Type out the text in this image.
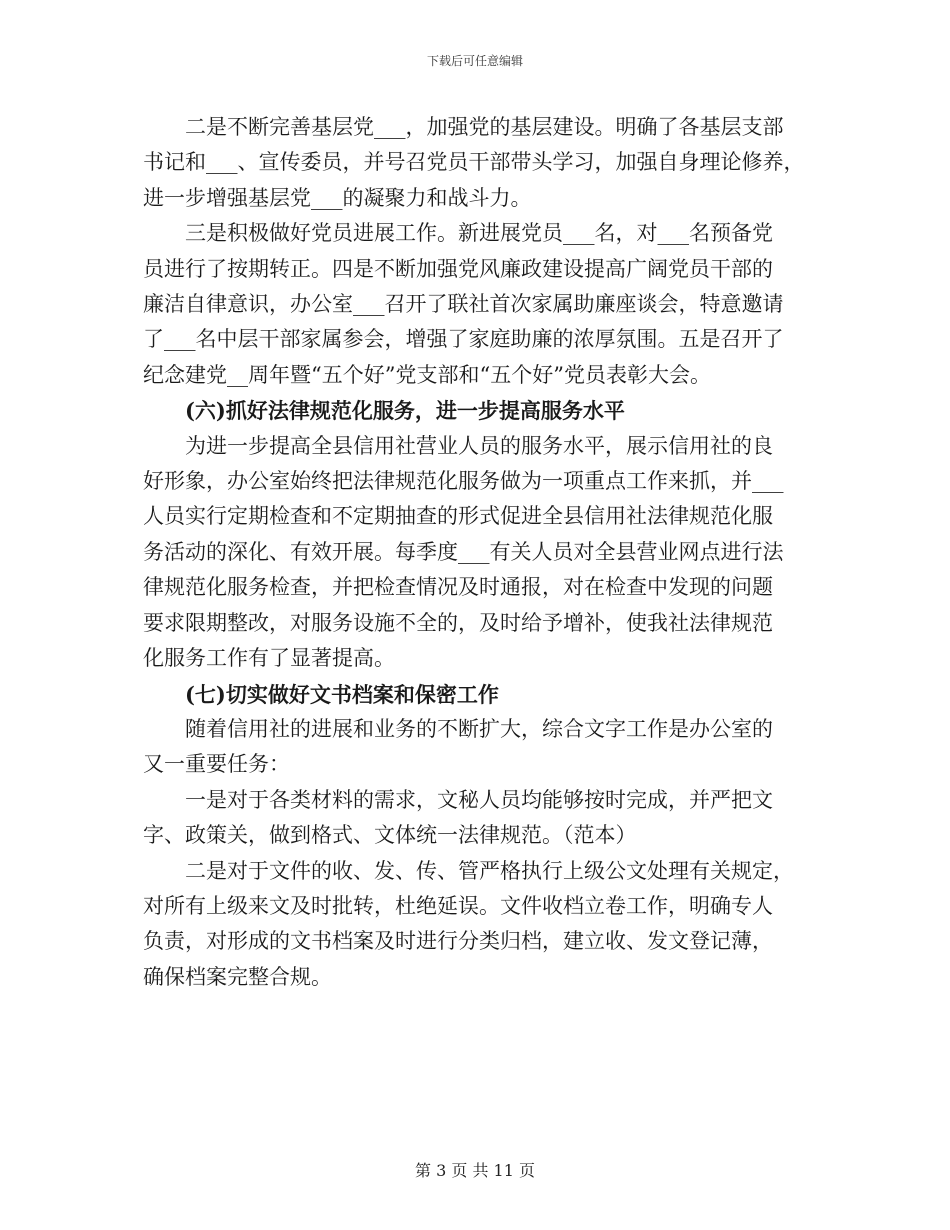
下载后可任意编辑

　　二是不断完善基层党___，加强党的基层建设。明确了各基层支部
书记和___、宣传委员，并号召党员干部带头学习，加强自身理论修养，
进一步增强基层党___的凝聚力和战斗力。

　　三是积极做好党员进展工作。新进展党员___名，对___名预备党
员进行了按期转正。四是不断加强党风廉政建设提高广阔党员干部的
廉洁自律意识，办公室___召开了联社首次家属助廉座谈会，特意邀请
了___名中层干部家属参会，增强了家庭助廉的浓厚氛围。五是召开了
纪念建党__周年暨“五个好”党支部和“五个好”党员表彰大会。

　　(六)抓好法律规范化服务，进一步提高服务水平

　　为进一步提高全县信用社营业人员的服务水平，展示信用社的良
好形象，办公室始终把法律规范化服务做为一项重点工作来抓，并___
人员实行定期检查和不定期抽查的形式促进全县信用社法律规范化服
务活动的深化、有效开展。每季度___有关人员对全县营业网点进行法
律规范化服务检查，并把检查情况及时通报，对在检查中发现的问题
要求限期整改，对服务设施不全的，及时给予增补，使我社法律规范
化服务工作有了显著提高。

　　(七)切实做好文书档案和保密工作

　　随着信用社的进展和业务的不断扩大，综合文字工作是办公室的
又一重要任务：

　　一是对于各类材料的需求，文秘人员均能够按时完成，并严把文
字、政策关，做到格式、文体统一法律规范。（范本）

　　二是对于文件的收、发、传、管严格执行上级公文处理有关规定，
对所有上级来文及时批转，杜绝延误。文件收档立卷工作，明确专人
负责，对形成的文书档案及时进行分类归档，建立收、发文登记薄，
确保档案完整合规。

第 3 页 共 11 页
